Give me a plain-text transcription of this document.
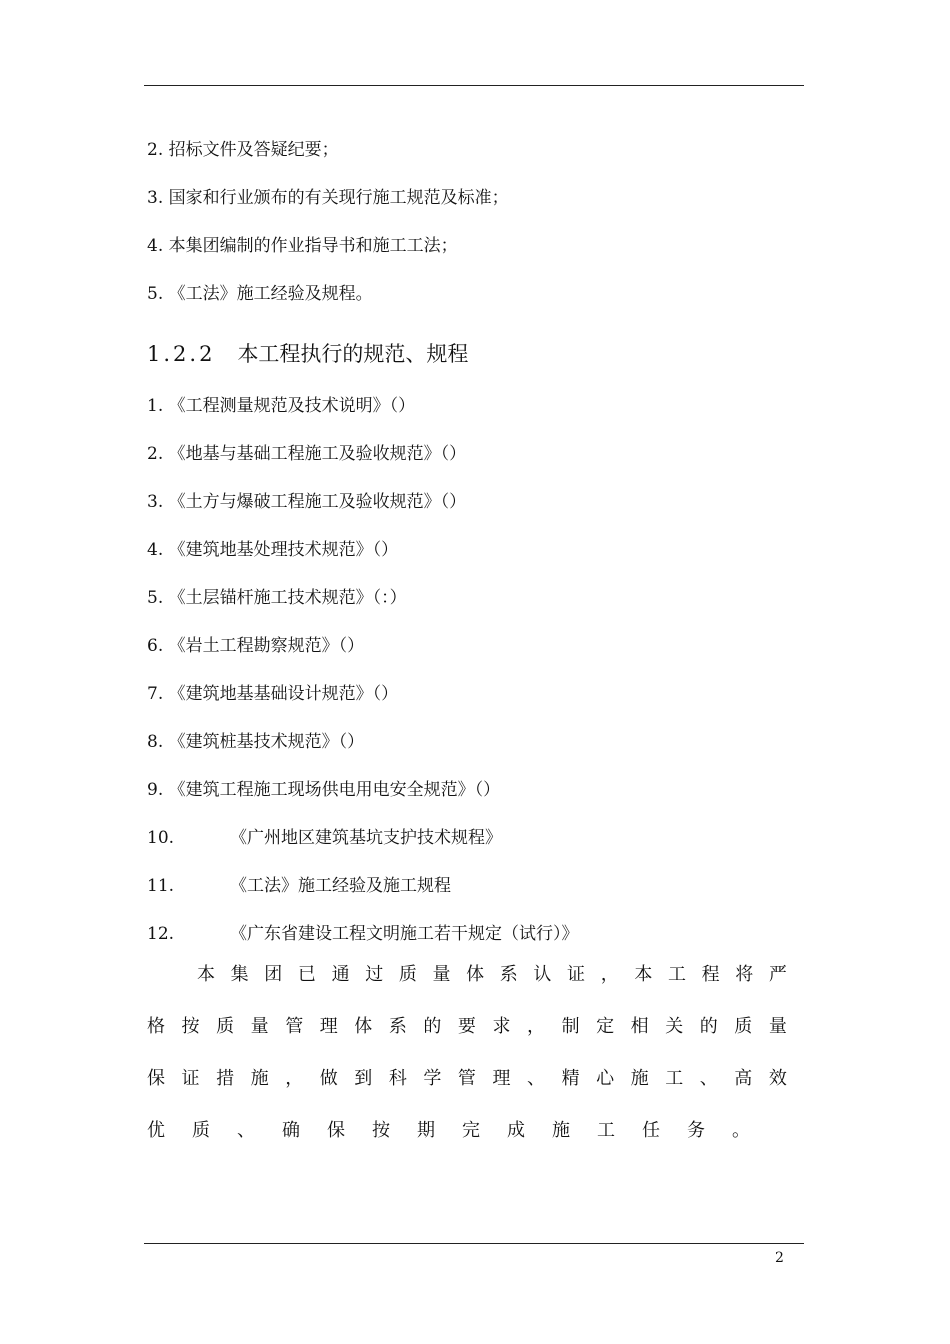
2. 招标文件及答疑纪要；
3. 国家和行业颁布的有关现行施工规范及标准；
4. 本集团编制的作业指导书和施工工法；
5. 《工法》施工经验及规程。
1.2.2 本工程执行的规范、规程
1. 《工程测量规范及技术说明》（）
2. 《地基与基础工程施工及验收规范》（）
3. 《土方与爆破工程施工及验收规范》（）
4. 《建筑地基处理技术规范》（）
5. 《土层锚杆施工技术规范》（：）
6. 《岩土工程勘察规范》（）
7. 《建筑地基基础设计规范》（）
8. 《建筑桩基技术规范》（）
9. 《建筑工程施工现场供电用电安全规范》（）
10.	《广州地区建筑基坑支护技术规程》
11.	《工法》施工经验及施工规程
12.	《广东省建设工程文明施工若干规定（试行）》
本 集 团 已 通 过 质 量 体 系 认 证 ， 本 工 程 将 严
格 按 质 量 管 理 体 系 的 要 求 ， 制 定 相 关 的 质 量
保 证 措 施 ， 做 到 科 学 管 理 、 精 心 施 工 、 高 效
优 质 、 确 保 按 期 完 成 施 工 任 务 。
2
